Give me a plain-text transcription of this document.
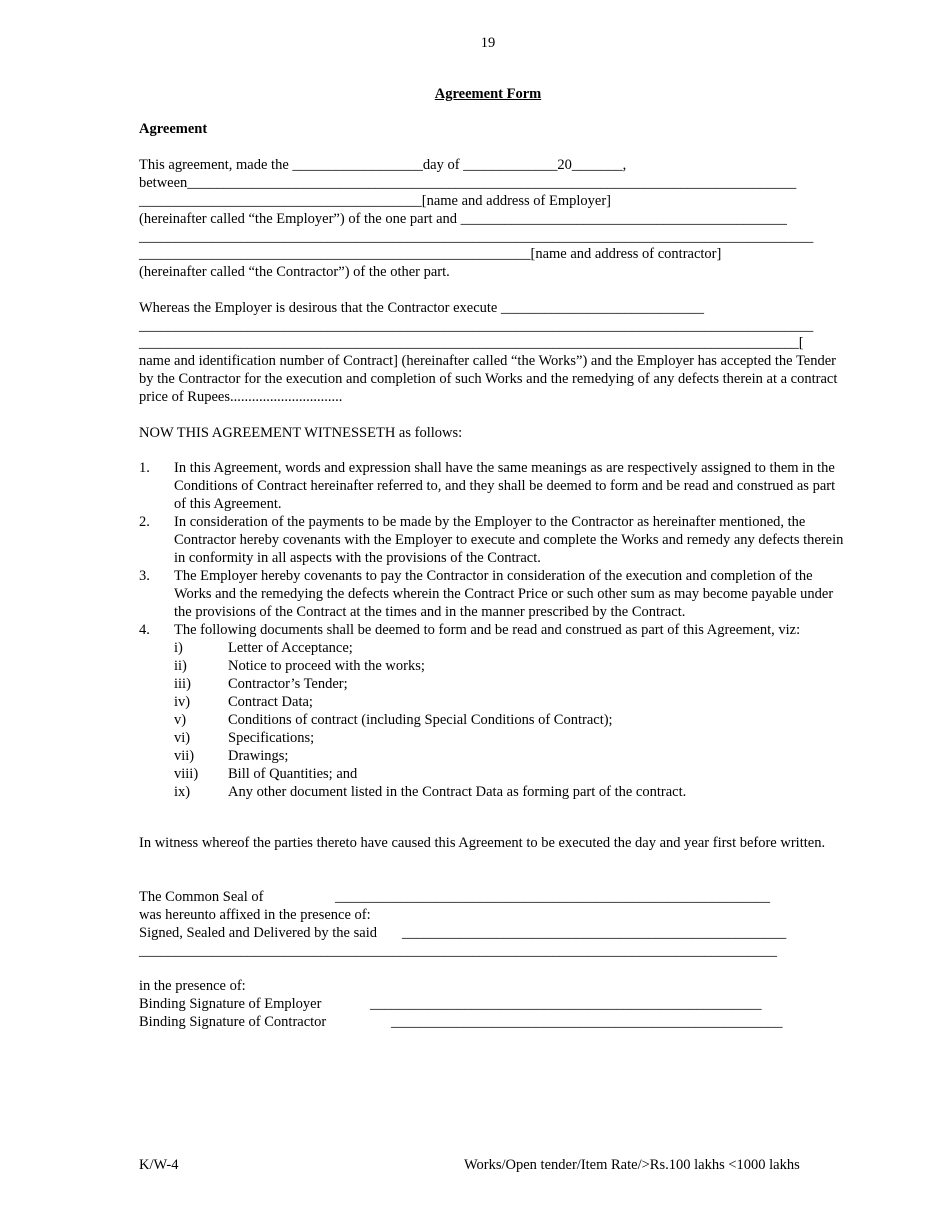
19
Agreement Form
Agreement
This agreement, made the __________________day of _____________20_______,
between____________________________________________________________________________________
_______________________________________[name and address of Employer]
(hereinafter called “the Employer”) of the one part and _____________________________________________
_____________________________________________________________________________________________
______________________________________________________[name and address of contractor]
(hereinafter called “the Contractor”) of the other part.
Whereas the Employer is desirous that the Contractor execute ____________________________
_____________________________________________________________________________________________
___________________________________________________________________________________________[
name and identification number of Contract] (hereinafter called “the Works”) and the Employer has accepted the Tender by the Contractor for the execution and completion of such Works and the remedying of any defects therein at a contract price of Rupees...............................
NOW THIS AGREEMENT WITNESSETH as follows:
1.	In this Agreement, words and expression shall have the same meanings as are respectively assigned to them in the Conditions of Contract hereinafter referred to, and they shall be deemed to form and be read and construed as part of this Agreement.
2.	In consideration of the payments to be made by the Employer to the Contractor as hereinafter mentioned, the Contractor hereby covenants with the Employer to execute and complete the Works and remedy any defects therein in conformity in all aspects with the provisions of the Contract.
3.	The Employer hereby covenants to pay the Contractor in consideration of the execution and completion of the Works and the remedying the defects wherein the Contract Price or such other sum as may become payable under the provisions of the Contract at the times and in the manner prescribed by the Contract.
4.	The following documents shall be deemed to form and be read and construed as part of this Agreement, viz:
i)	Letter of Acceptance;
ii)	Notice to proceed with the works;
iii)	Contractor’s Tender;
iv)	Contract Data;
v)	Conditions of contract (including Special Conditions of Contract);
vi)	Specifications;
vii)	Drawings;
viii)	Bill of Quantities; and
ix)	Any other document listed in the Contract Data as forming part of the contract.
In witness whereof the parties thereto have caused this Agreement to be executed the day and year first before written.
The Common Seal of	____________________________________________________________
was hereunto affixed in the presence of:
Signed, Sealed and Delivered by the said _____________________________________________________
________________________________________________________________________________________
in the presence of:
Binding Signature of Employer	______________________________________________________
Binding Signature of Contractor	______________________________________________________
K/W-4	Works/Open tender/Item Rate/>Rs.100 lakhs <1000 lakhs
